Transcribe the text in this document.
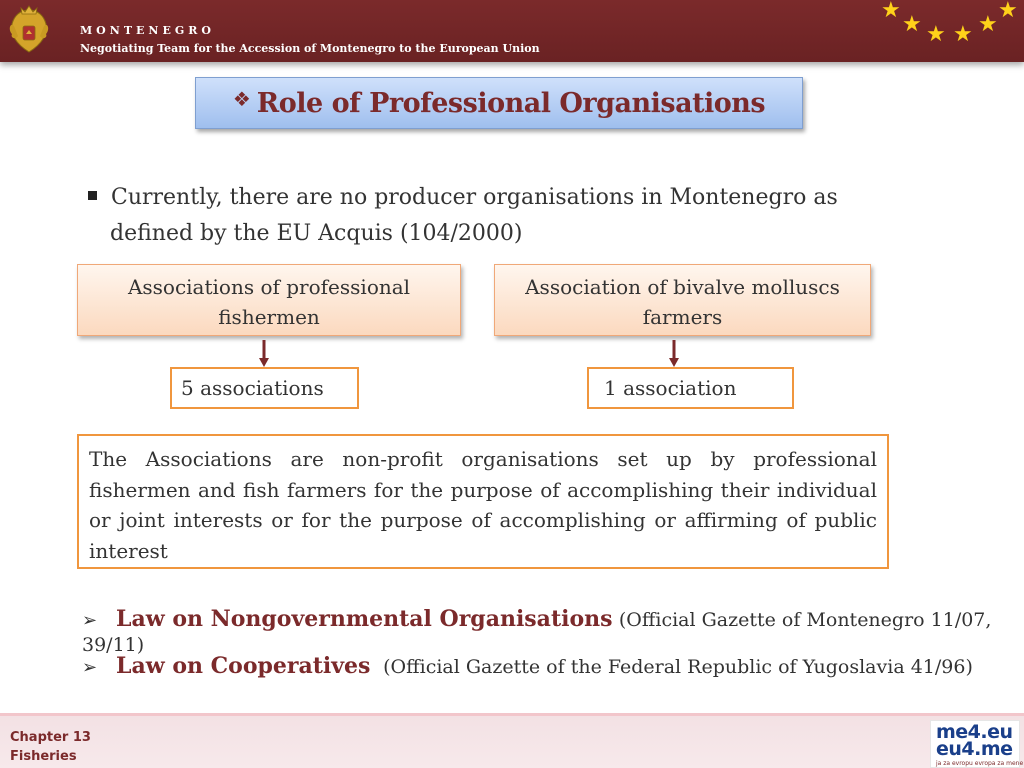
MONTENEGRO
Negotiating Team for the Accession of Montenegro to the European Union
★
★ ★ ★ ★
★
❖ Role of Professional Organisations
Currently, there are no producer organisations in Montenegro as
defined by the EU Acquis (104/2000)
Associations of professional
fishermen
Association of bivalve molluscs
farmers
5 associations	1 association
The Associations are non-profit organisations set up by professional fishermen and fish farmers for the purpose of accomplishing their individual or joint interests or for the purpose of accomplishing or affirming of public interest
➢ Law on Nongovernmental Organisations (Official Gazette of Montenegro 11/07, 39/11)
➢ Law on Cooperatives (Official Gazette of the Federal Republic of Yugoslavia 41/96)
Chapter 13
Fisheries
me4.eu
eu4.me
ja za evropu evropa za mene
